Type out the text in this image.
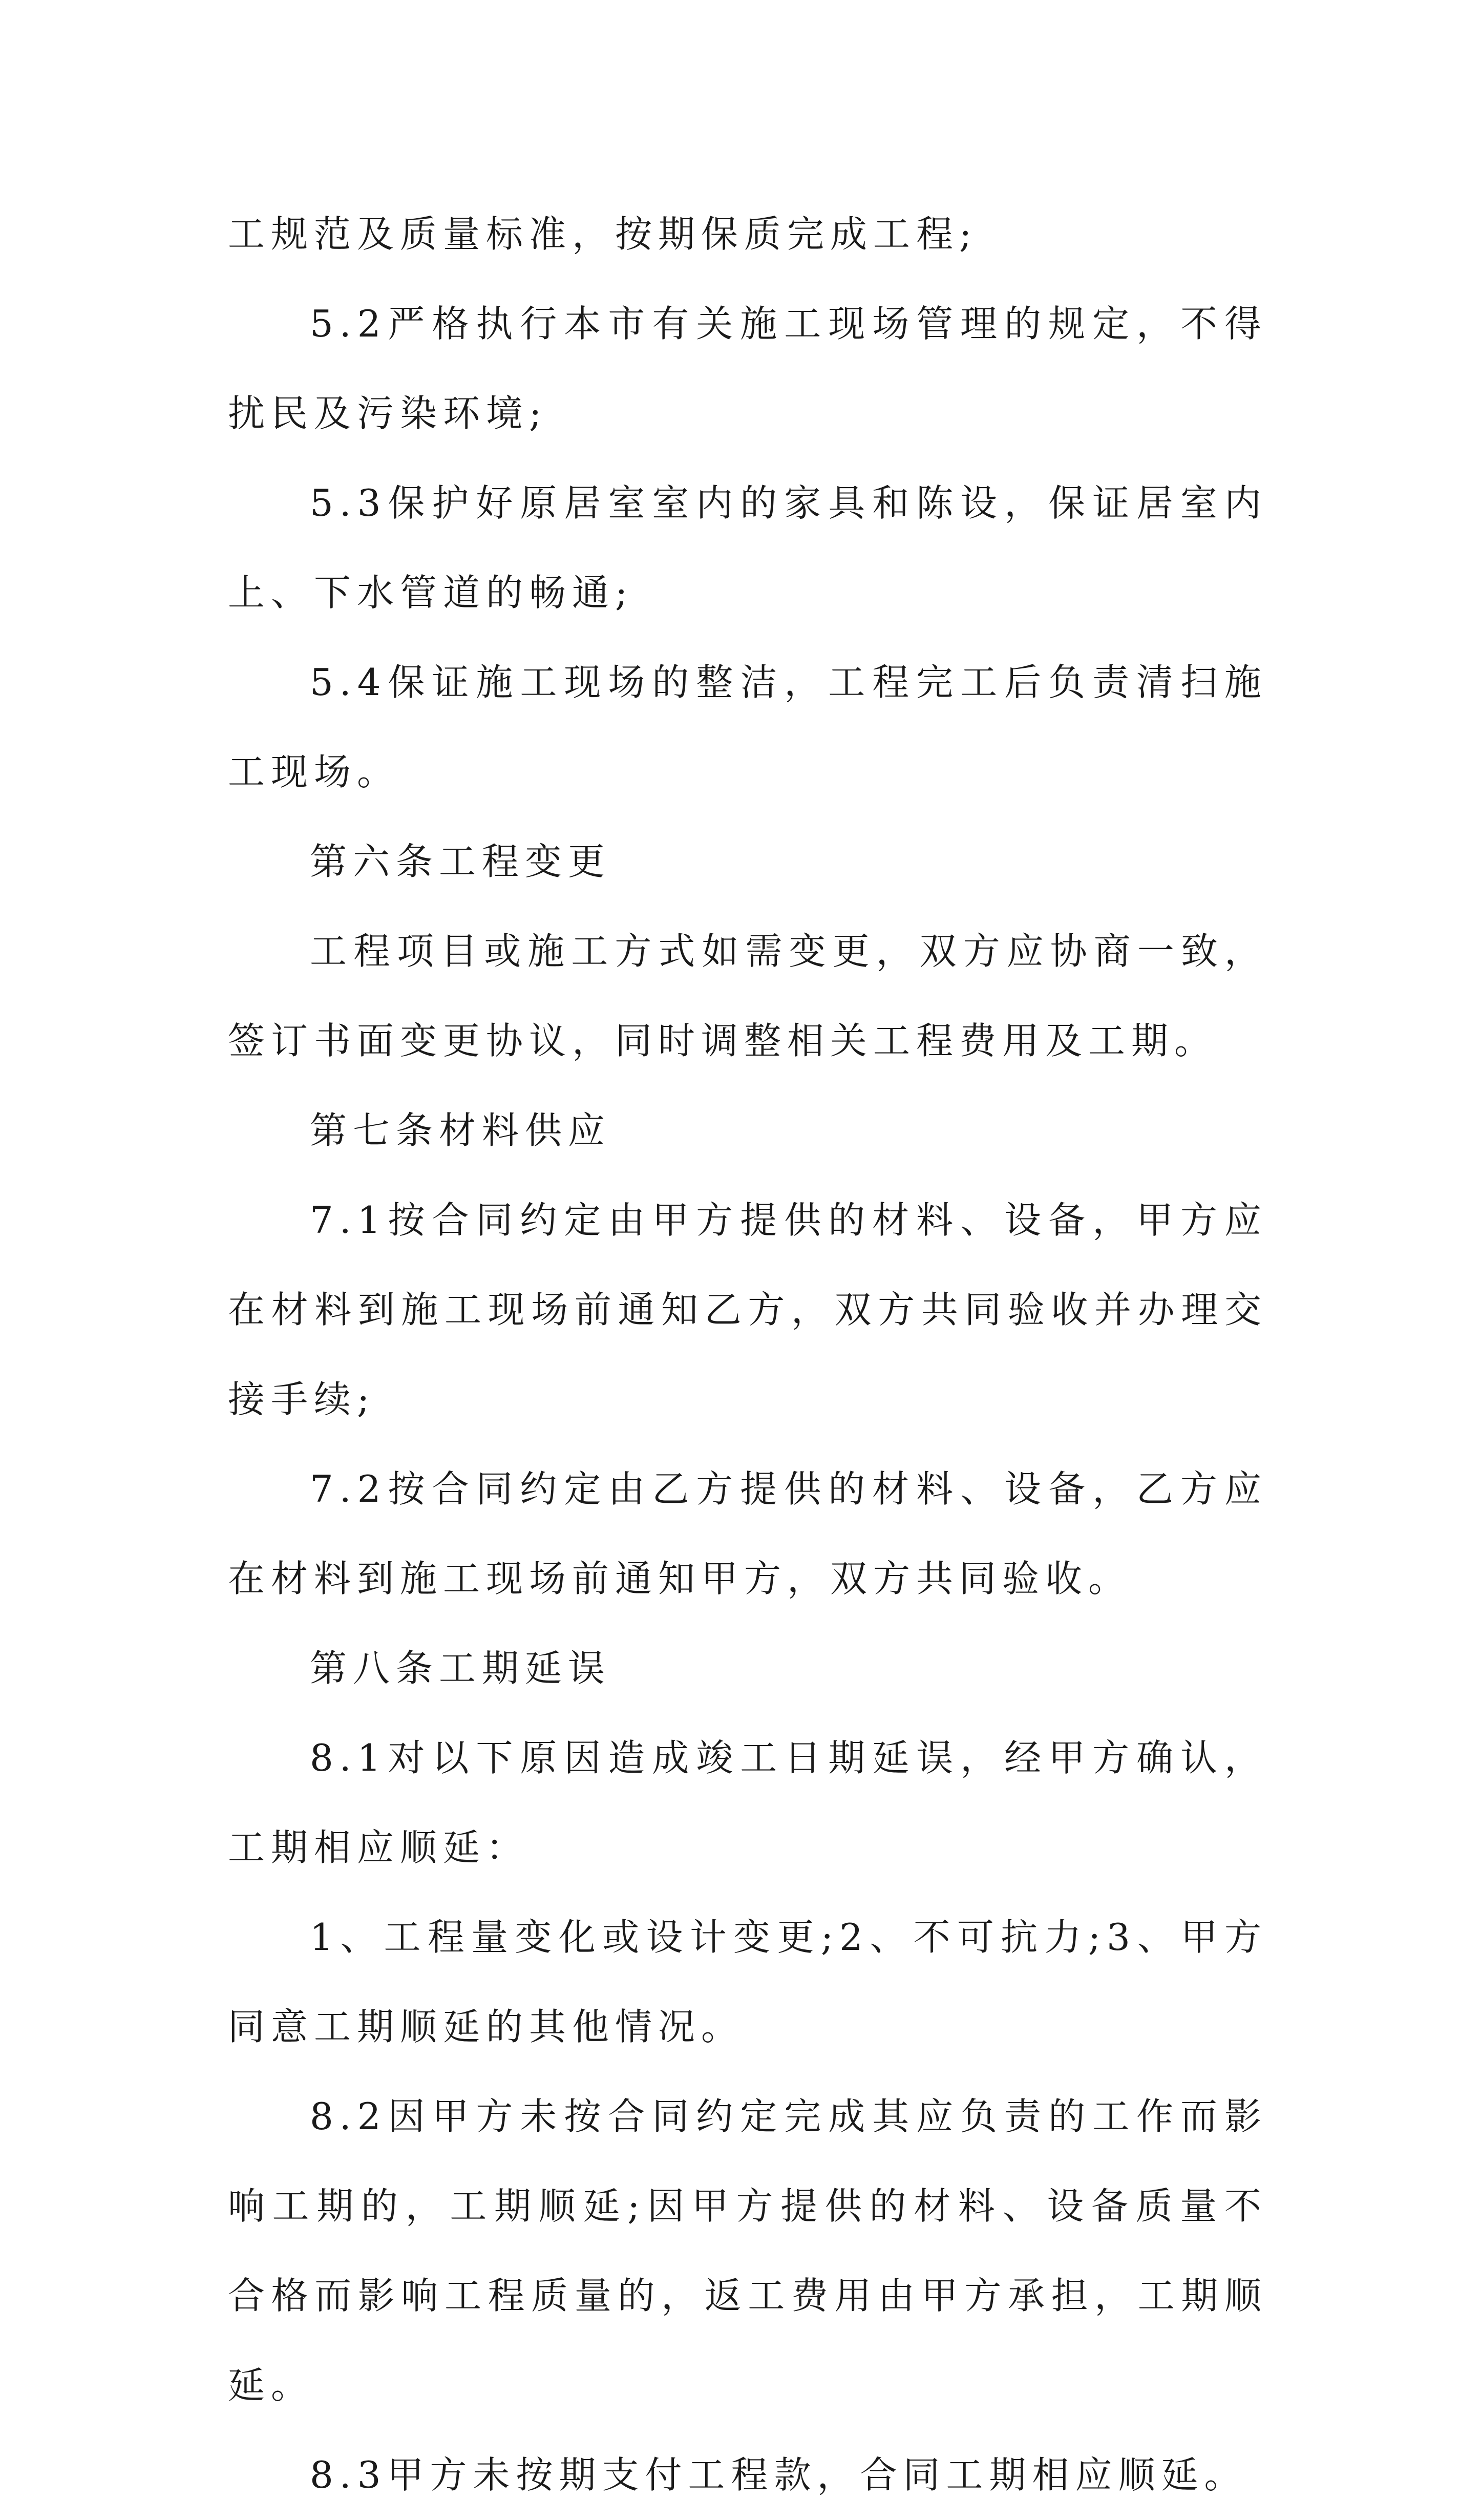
工规范及质量标准，按期保质完成工程;

5.2严格执行本市有关施工现场管理的规定，不得扰民及污染环境;

5.3保护好原居室室内的家具和陈设，保证居室内上、下水管道的畅通;

5.4保证施工现场的整洁，工程完工后负责清扫施工现场。

第六条工程变更

工程项目或施工方式如需变更，双方应协商一致，签订书面变更协议，同时调整相关工程费用及工期。

第七条材料供应

7.1按合同约定由甲方提供的材料、设备，甲方应在材料到施工现场前通知乙方，双方共同验收并办理交接手续;

7.2按合同约定由乙方提供的材料、设备，乙方应在材料到施工现场前通知甲方，双方共同验收。

第八条工期延误

8.1对以下原因造成竣工日期延误，经甲方确认，工期相应顺延：

1、工程量变化或设计变更;2、不可抗力;3、甲方同意工期顺延的其他情况。

8.2因甲方未按合同约定完成其应负责的工作而影响工期的，工期顺延;因甲方提供的材料、设备质量不合格而影响工程质量的，返工费用由甲方承担，工期顺延。

8.3甲方未按期支付工程款，合同工期相应顺延。
